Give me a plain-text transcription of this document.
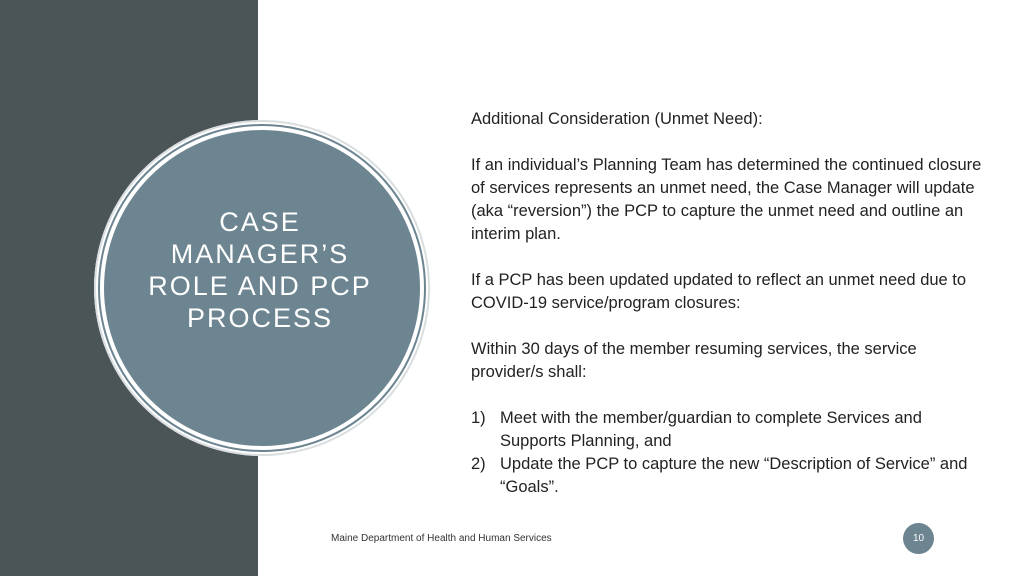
CASE MANAGER’S ROLE AND PCP PROCESS

Additional Consideration (Unmet Need):

If an individual’s Planning Team has determined the continued closure of services represents an unmet need, the Case Manager will update (aka “reversion”) the PCP to capture the unmet need and outline an interim plan.

If a PCP has been updated updated to reflect an unmet need due to COVID-19 service/program closures:

Within 30 days of the member resuming services, the service provider/s shall:

1) Meet with the member/guardian to complete Services and Supports Planning, and
2) Update the PCP to capture the new “Description of Service” and “Goals”.
Maine Department of Health and Human Services	10
